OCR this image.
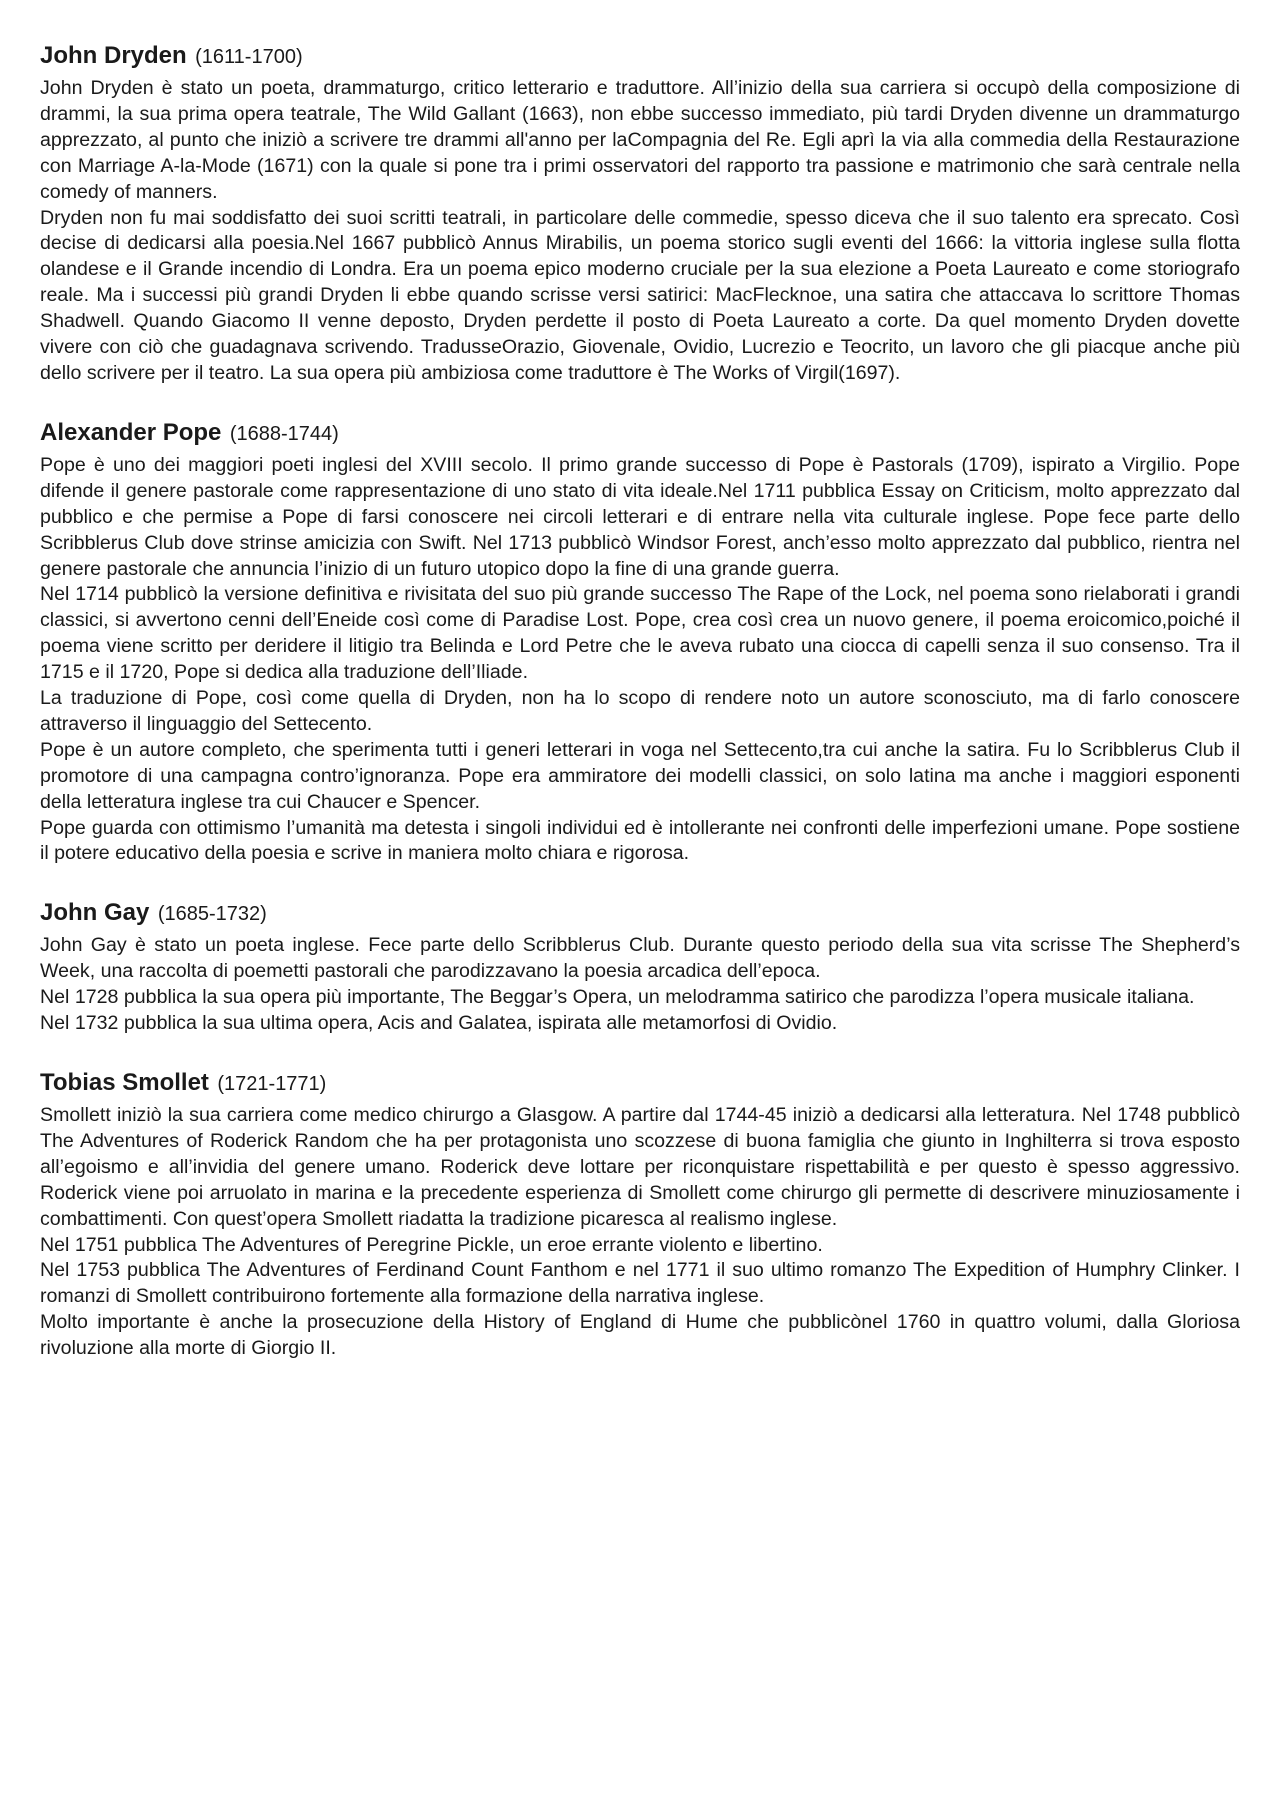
John Dryden (1611-1700)

John Dryden è stato un poeta, drammaturgo, critico letterario e traduttore. All’inizio della sua carriera si occupò della composizione di drammi, la sua prima opera teatrale, The Wild Gallant (1663), non ebbe successo immediato, più tardi Dryden divenne un drammaturgo apprezzato, al punto che iniziò a scrivere tre drammi all'anno per laCompagnia del Re. Egli aprì la via alla commedia della Restaurazione con Marriage A-la-Mode (1671) con la quale si pone tra i primi osservatori del rapporto tra passione e matrimonio che sarà centrale nella comedy of manners.

Dryden non fu mai soddisfatto dei suoi scritti teatrali, in particolare delle commedie, spesso diceva che il suo talento era sprecato. Così decise di dedicarsi alla poesia.Nel 1667 pubblicò Annus Mirabilis, un poema storico sugli eventi del 1666: la vittoria inglese sulla flotta olandese e il Grande incendio di Londra. Era un poema epico moderno cruciale per la sua elezione a Poeta Laureato e come storiografo reale. Ma i successi più grandi Dryden li ebbe quando scrisse versi satirici: MacFlecknoe, una satira che attaccava lo scrittore Thomas Shadwell. Quando Giacomo II venne deposto, Dryden perdette il posto di Poeta Laureato a corte. Da quel momento Dryden dovette vivere con ciò che guadagnava scrivendo. TradusseOrazio, Giovenale, Ovidio, Lucrezio e Teocrito, un lavoro che gli piacque anche più dello scrivere per il teatro. La sua opera più ambiziosa come traduttore è The Works of Virgil(1697).

Alexander Pope (1688-1744)

Pope è uno dei maggiori poeti inglesi del XVIII secolo. Il primo grande successo di Pope è Pastorals (1709), ispirato a Virgilio. Pope difende il genere pastorale come rappresentazione di uno stato di vita ideale.Nel 1711 pubblica Essay on Criticism, molto apprezzato dal pubblico e che permise a Pope di farsi conoscere nei circoli letterari e di entrare nella vita culturale inglese. Pope fece parte dello Scribblerus Club dove strinse amicizia con Swift. Nel 1713 pubblicò Windsor Forest, anch’esso molto apprezzato dal pubblico, rientra nel genere pastorale che annuncia l’inizio di un futuro utopico dopo la fine di una grande guerra.

Nel 1714 pubblicò la versione definitiva e rivisitata del suo più grande successo The Rape of the Lock, nel poema sono rielaborati i grandi classici, si avvertono cenni dell’Eneide così come di Paradise Lost. Pope, crea così crea un nuovo genere, il poema eroicomico,poiché il poema viene scritto per deridere il litigio tra Belinda e Lord Petre che le aveva rubato una ciocca di capelli senza il suo consenso. Tra il 1715 e il 1720, Pope si dedica alla traduzione dell’Iliade.

La traduzione di Pope, così come quella di Dryden, non ha lo scopo di rendere noto un autore sconosciuto, ma di farlo conoscere attraverso il linguaggio del Settecento.

Pope è un autore completo, che sperimenta tutti i generi letterari in voga nel Settecento,tra cui anche la satira. Fu lo Scribblerus Club il promotore di una campagna contro’ignoranza. Pope era ammiratore dei modelli classici, on solo latina ma anche i maggiori esponenti della letteratura inglese tra cui Chaucer e Spencer.

Pope guarda con ottimismo l’umanità ma detesta i singoli individui ed è intollerante nei confronti delle imperfezioni umane. Pope sostiene il potere educativo della poesia e scrive in maniera molto chiara e rigorosa.

John Gay (1685-1732)

John Gay è stato un poeta inglese. Fece parte dello Scribblerus Club. Durante questo periodo della sua vita scrisse The Shepherd’s Week, una raccolta di poemetti pastorali che parodizzavano la poesia arcadica dell’epoca.

Nel 1728 pubblica la sua opera più importante, The Beggar’s Opera, un melodramma satirico che parodizza l’opera musicale italiana.

Nel 1732 pubblica la sua ultima opera, Acis and Galatea, ispirata alle metamorfosi di Ovidio.

Tobias Smollet (1721-1771)

Smollett iniziò la sua carriera come medico chirurgo a Glasgow. A partire dal 1744-45 iniziò a dedicarsi alla letteratura. Nel 1748 pubblicò The Adventures of Roderick Random che ha per protagonista uno scozzese di buona famiglia che giunto in Inghilterra si trova esposto all’egoismo e all’invidia del genere umano. Roderick deve lottare per riconquistare rispettabilità e per questo è spesso aggressivo. Roderick viene poi arruolato in marina e la precedente esperienza di Smollett come chirurgo gli permette di descrivere minuziosamente i combattimenti. Con quest’opera Smollett riadatta la tradizione picaresca al realismo inglese.

Nel 1751 pubblica The Adventures of Peregrine Pickle, un eroe errante violento e libertino.

Nel 1753 pubblica The Adventures of Ferdinand Count Fanthom e nel 1771 il suo ultimo romanzo The Expedition of Humphry Clinker. I romanzi di Smollett contribuirono fortemente alla formazione della narrativa inglese.

Molto importante è anche la prosecuzione della History of England di Hume che pubblicònel 1760 in quattro volumi, dalla Gloriosa rivoluzione alla morte di Giorgio II.
